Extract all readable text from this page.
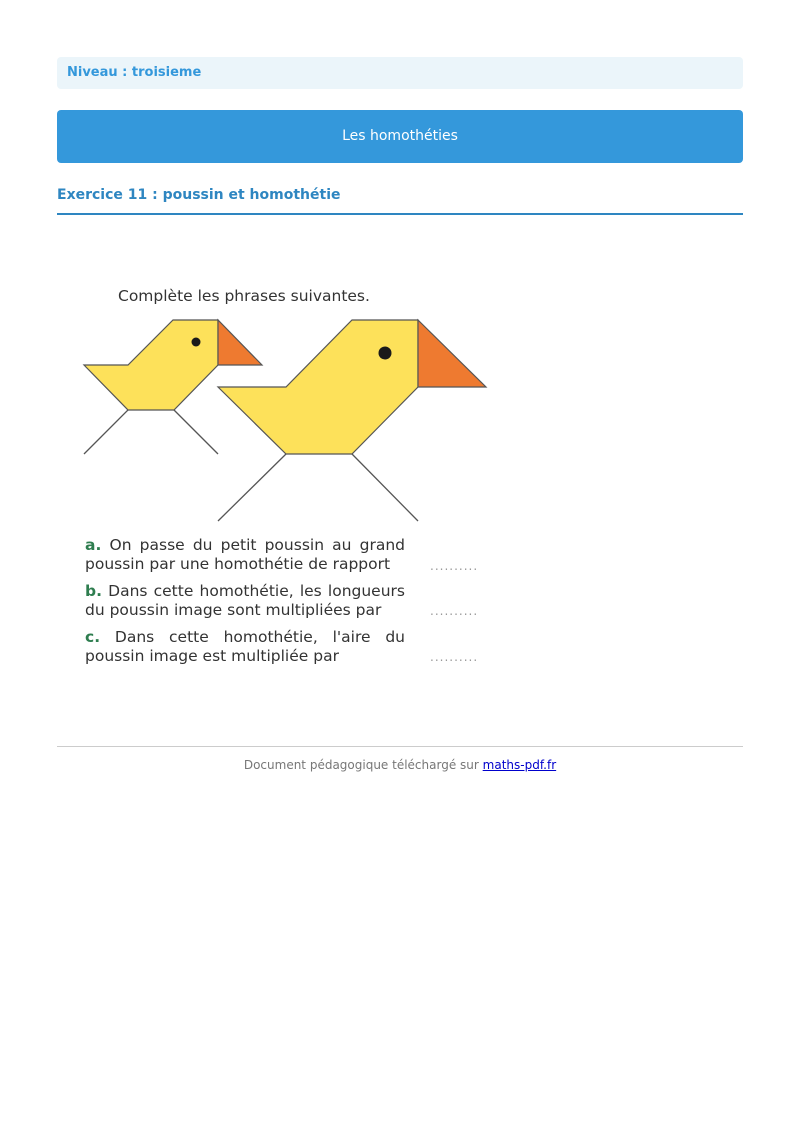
Niveau : troisieme
Les homothéties
Exercice 11 : poussin et homothétie
Complète les phrases suivantes.
a. On passe du petit poussin au grand poussin par une homothétie de rapport	..........
b. Dans cette homothétie, les longueurs du poussin image sont multipliées par	..........
c. Dans cette homothétie, l'aire du poussin image est multipliée par	..........
Document pédagogique téléchargé sur maths-pdf.fr
